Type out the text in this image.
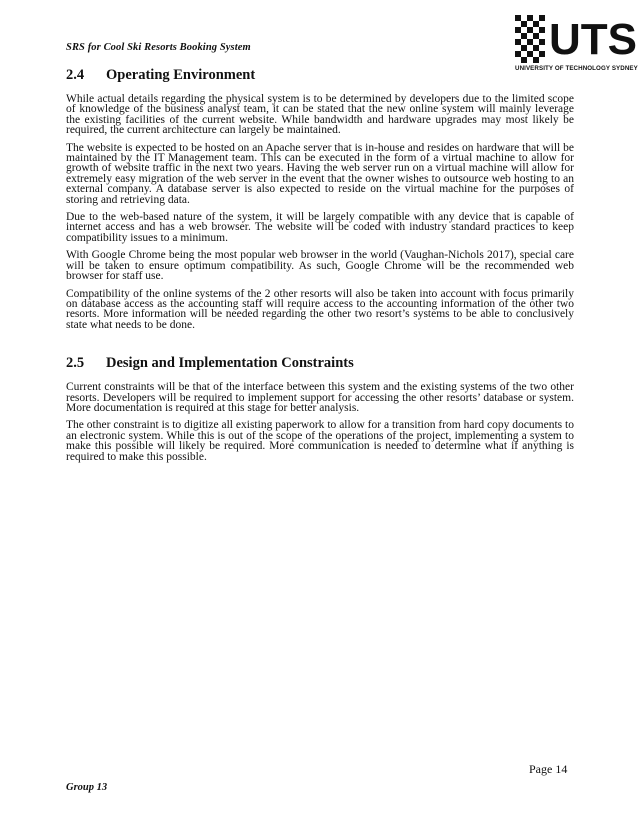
SRS for Cool Ski Resorts Booking System	UTS
UNIVERSITY OF TECHNOLOGY SYDNEY
2.4 Operating Environment

While actual details regarding the physical system is to be determined by developers due to the limited scope of knowledge of the business analyst team, it can be stated that the new online system will mainly leverage the existing facilities of the current website. While bandwidth and hardware upgrades may most likely be required, the current architecture can largely be maintained.

The website is expected to be hosted on an Apache server that is in-house and resides on hardware that will be maintained by the IT Management team. This can be executed in the form of a virtual machine to allow for growth of website traffic in the next two years. Having the web server run on a virtual machine will allow for extremely easy migration of the web server in the event that the owner wishes to outsource web hosting to an external company. A database server is also expected to reside on the virtual machine for the purposes of storing and retrieving data.

Due to the web-based nature of the system, it will be largely compatible with any device that is capable of internet access and has a web browser. The website will be coded with industry standard practices to keep compatibility issues to a minimum.

With Google Chrome being the most popular web browser in the world (Vaughan-Nichols 2017), special care will be taken to ensure optimum compatibility. As such, Google Chrome will be the recommended web browser for staff use.

Compatibility of the online systems of the 2 other resorts will also be taken into account with focus primarily on database access as the accounting staff will require access to the accounting information of the other two resorts. More information will be needed regarding the other two resort’s systems to be able to conclusively state what needs to be done.

2.5 Design and Implementation Constraints

Current constraints will be that of the interface between this system and the existing systems of the two other resorts. Developers will be required to implement support for accessing the other resorts’ database or system. More documentation is required at this stage for better analysis.

The other constraint is to digitize all existing paperwork to allow for a transition from hard copy documents to an electronic system. While this is out of the scope of the operations of the project, implementing a system to make this possible will likely be required. More communication is needed to determine what if anything is required to make this possible.

Page 14
Group 13
